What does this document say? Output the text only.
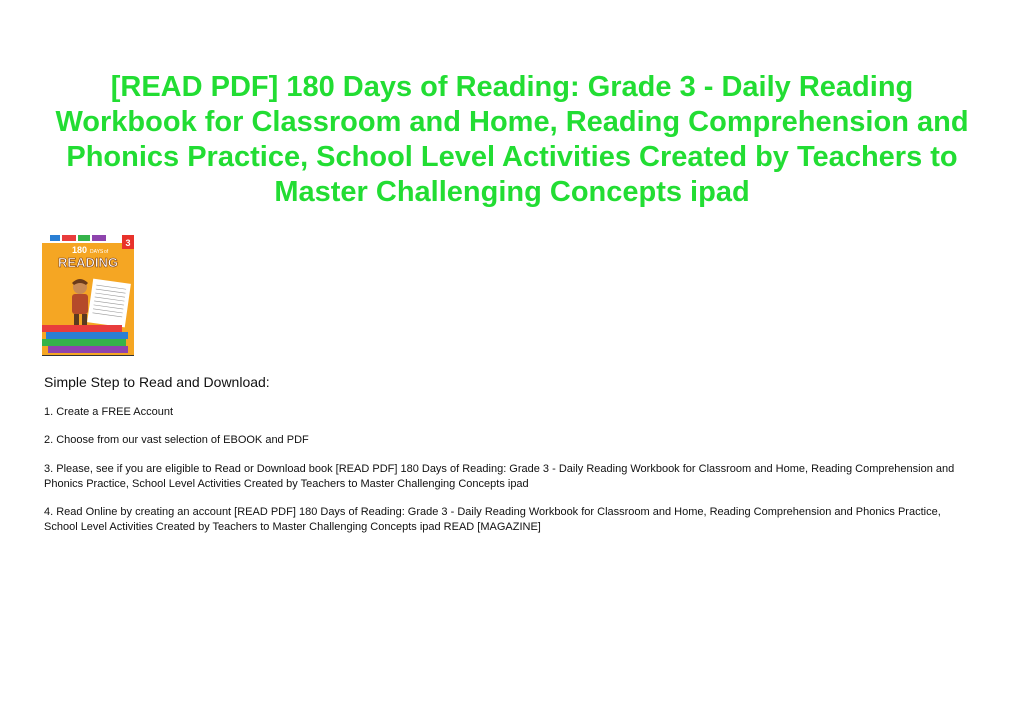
[READ PDF] 180 Days of Reading: Grade 3 - Daily Reading Workbook for Classroom and Home, Reading Comprehension and Phonics Practice, School Level Activities Created by Teachers to Master Challenging Concepts ipad
3
180 DAYS of
READING

Simple Step to Read and Download:

1. Create a FREE Account

2. Choose from our vast selection of EBOOK and PDF

3. Please, see if you are eligible to Read or Download book [READ PDF] 180 Days of Reading: Grade 3 - Daily Reading Workbook for Classroom and Home, Reading Comprehension and Phonics Practice, School Level Activities Created by Teachers to Master Challenging Concepts ipad

4. Read Online by creating an account [READ PDF] 180 Days of Reading: Grade 3 - Daily Reading Workbook for Classroom and Home, Reading Comprehension and Phonics Practice, School Level Activities Created by Teachers to Master Challenging Concepts ipad READ [MAGAZINE]
